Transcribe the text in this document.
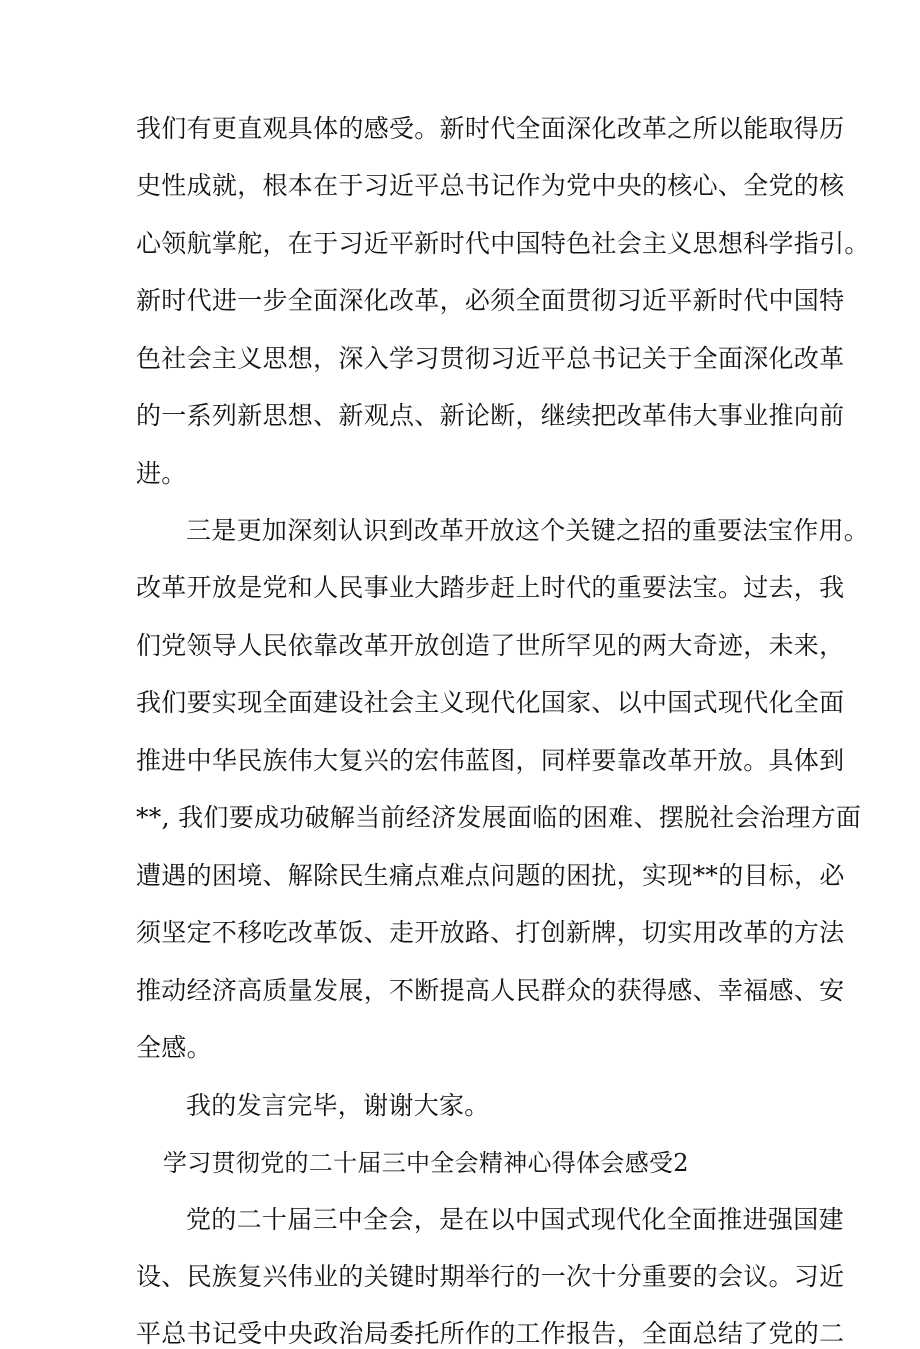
我们有更直观具体的感受。新时代全面深化改革之所以能取得历
史性成就，根本在于习近平总书记作为党中央的核心、全党的核
心领航掌舵，在于习近平新时代中国特色社会主义思想科学指引。
新时代进一步全面深化改革，必须全面贯彻习近平新时代中国特
色社会主义思想，深入学习贯彻习近平总书记关于全面深化改革
的一系列新思想、新观点、新论断，继续把改革伟大事业推向前
进。
三是更加深刻认识到改革开放这个关键之招的重要法宝作用。
改革开放是党和人民事业大踏步赶上时代的重要法宝。过去，我
们党领导人民依靠改革开放创造了世所罕见的两大奇迹，未来，
我们要实现全面建设社会主义现代化国家、以中国式现代化全面
推进中华民族伟大复兴的宏伟蓝图，同样要靠改革开放。具体到
**, 我们要成功破解当前经济发展面临的困难、摆脱社会治理方面
遭遇的困境、解除民生痛点难点问题的困扰，实现**的目标，必
须坚定不移吃改革饭、走开放路、打创新牌，切实用改革的方法
推动经济高质量发展，不断提高人民群众的获得感、幸福感、安
全感。
我的发言完毕，谢谢大家。
学习贯彻党的二十届三中全会精神心得体会感受2
党的二十届三中全会，是在以中国式现代化全面推进强国建
设、民族复兴伟业的关键时期举行的一次十分重要的会议。习近
平总书记受中央政治局委托所作的工作报告，全面总结了党的二
